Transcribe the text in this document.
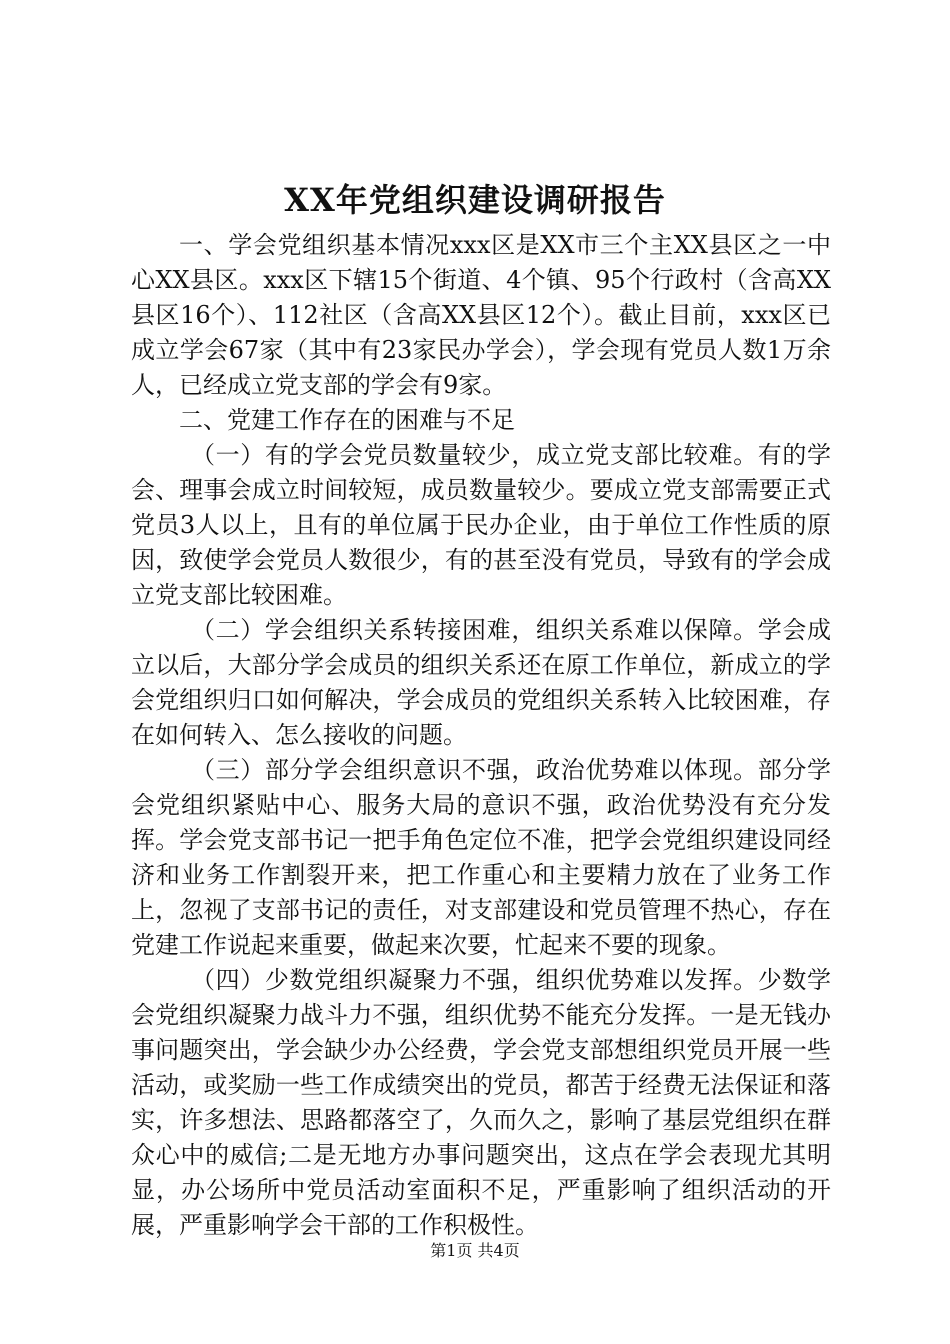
XX年党组织建设调研报告

一、学会党组织基本情况xxx区是XX市三个主XX县区之一中心XX县区。xxx区下辖15个街道、4个镇、95个行政村（含高XX县区16个）、112社区（含高XX县区12个）。截止目前，xxx区已成立学会67家（其中有23家民办学会），学会现有党员人数1万余人，已经成立党支部的学会有9家。

二、党建工作存在的困难与不足

（一）有的学会党员数量较少，成立党支部比较难。有的学会、理事会成立时间较短，成员数量较少。要成立党支部需要正式党员3人以上，且有的单位属于民办企业，由于单位工作性质的原因，致使学会党员人数很少，有的甚至没有党员，导致有的学会成立党支部比较困难。

（二）学会组织关系转接困难，组织关系难以保障。学会成立以后，大部分学会成员的组织关系还在原工作单位，新成立的学会党组织归口如何解决，学会成员的党组织关系转入比较困难，存在如何转入、怎么接收的问题。

（三）部分学会组织意识不强，政治优势难以体现。部分学会党组织紧贴中心、服务大局的意识不强，政治优势没有充分发挥。学会党支部书记一把手角色定位不准，把学会党组织建设同经济和业务工作割裂开来，把工作重心和主要精力放在了业务工作上，忽视了支部书记的责任，对支部建设和党员管理不热心，存在党建工作说起来重要，做起来次要，忙起来不要的现象。

（四）少数党组织凝聚力不强，组织优势难以发挥。少数学会党组织凝聚力战斗力不强，组织优势不能充分发挥。一是无钱办事问题突出，学会缺少办公经费，学会党支部想组织党员开展一些活动，或奖励一些工作成绩突出的党员，都苦于经费无法保证和落实，许多想法、思路都落空了，久而久之，影响了基层党组织在群众心中的威信;二是无地方办事问题突出，这点在学会表现尤其明显，办公场所中党员活动室面积不足，严重影响了组织活动的开展，严重影响学会干部的工作积极性。

第1页 共4页
